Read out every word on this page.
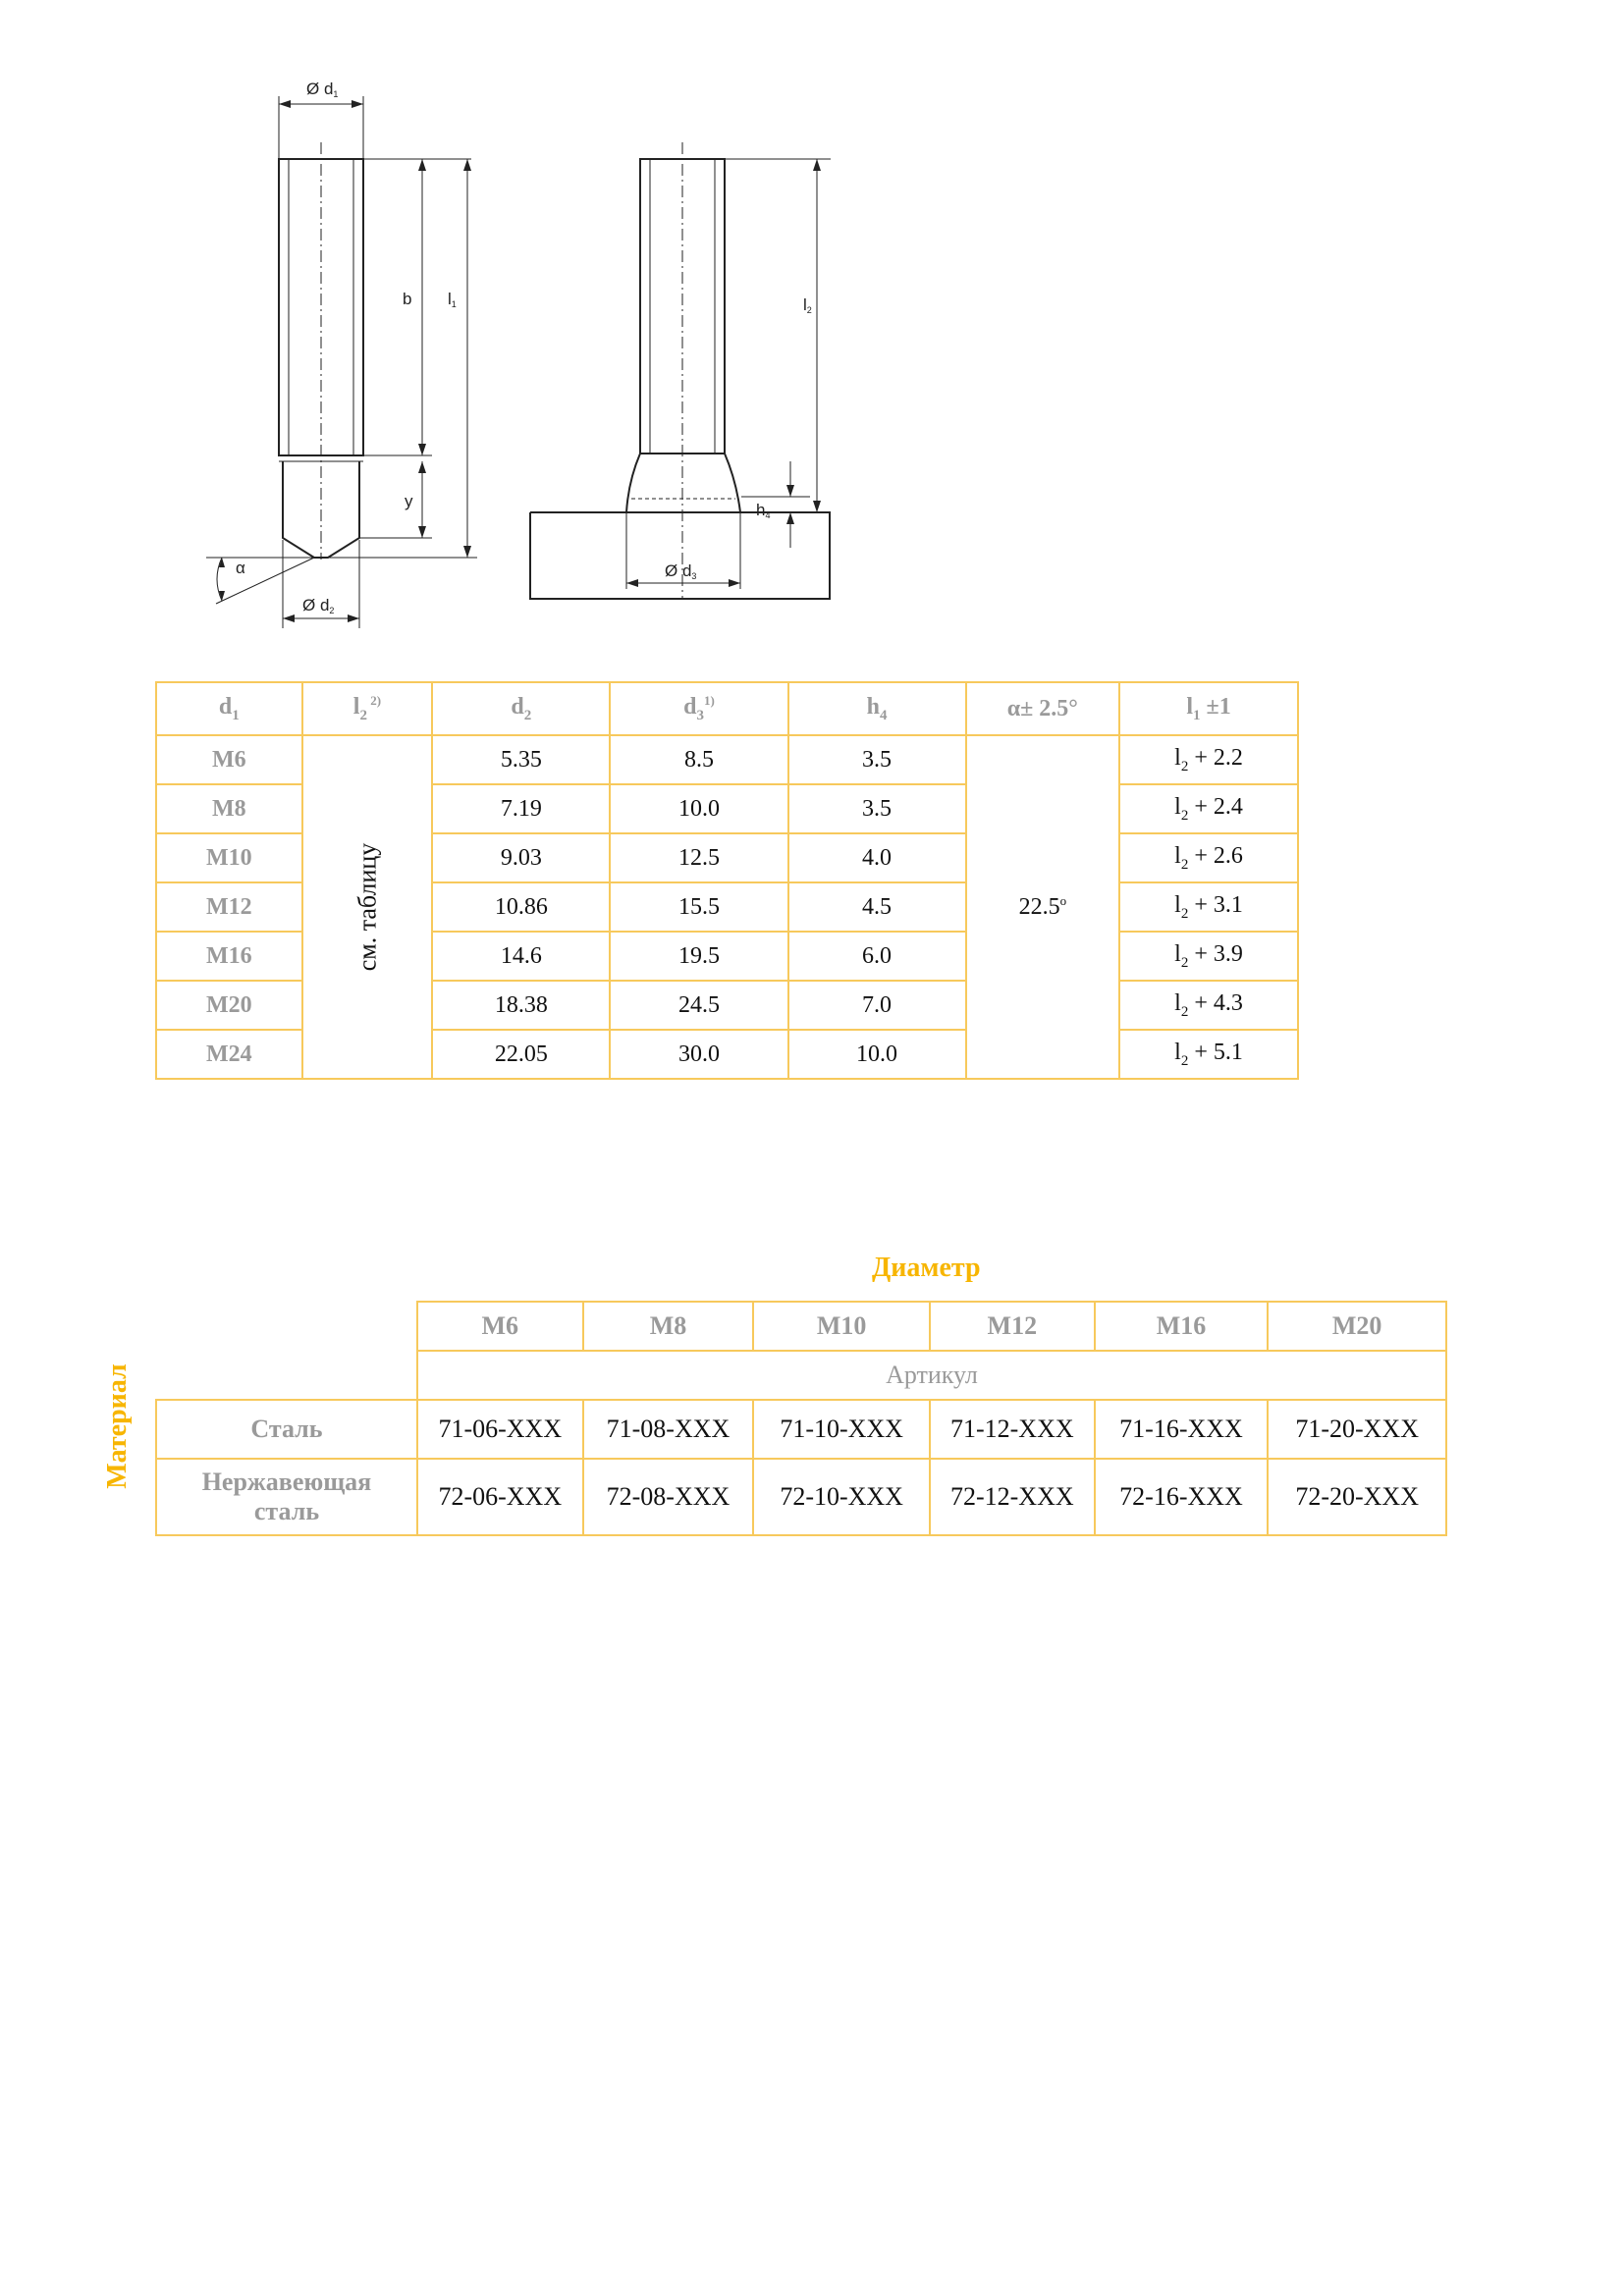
Ø d1
Ø d2
Ø d3
b l1
y
l2
h4
α
$d_1$	$l_2$ $^{2)}$	$d_2$	$d_3^{1)}$	$h_4$	α± 2.5°	$l_1 \pm 1$
M6	см. таблицу	5.35	8.5	3.5	22.5$^o$	$l_2 + 2.2$
M8		7.19	10.0	3.5		$l_2 + 2.4$
M10		9.03	12.5	4.0		$l_2 + 2.6$
M12		10.86	15.5	4.5		$l_2 + 3.1$
M16		14.6	19.5	6.0		$l_2 + 3.9$
M20		18.38	24.5	7.0		$l_2 + 4.3$
M24		22.05	30.0	10.0		$l_2 + 5.1$
Диаметр
Материал
	M6	M8	M10	M12	M16	M20
	Артикул					
Сталь	71-06-XXX	71-08-XXX	71-10-XXX	71-12-XXX	71-16-XXX	71-20-XXX
Нержавеющая сталь	72-06-XXX	72-08-XXX	72-10-XXX	72-12-XXX	72-16-XXX	72-20-XXX
